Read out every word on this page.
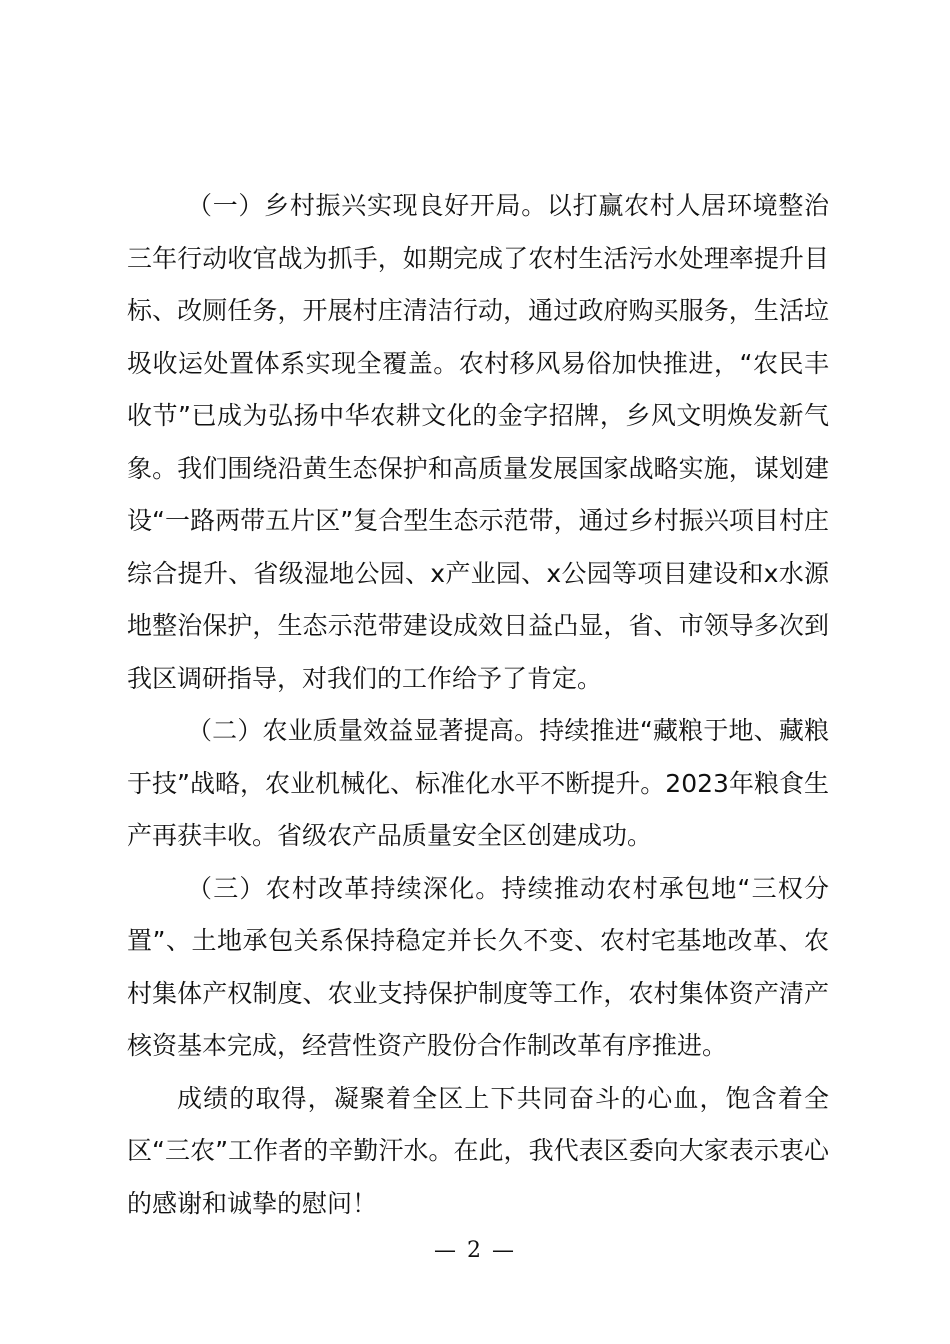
（一）乡村振兴实现良好开局。以打赢农村人居环境整治三年行动收官战为抓手，如期完成了农村生活污水处理率提升目标、改厕任务，开展村庄清洁行动，通过政府购买服务，生活垃圾收运处置体系实现全覆盖。农村移风易俗加快推进，“农民丰收节”已成为弘扬中华农耕文化的金字招牌，乡风文明焕发新气象。我们围绕沿黄生态保护和高质量发展国家战略实施，谋划建设“一路两带五片区”复合型生态示范带，通过乡村振兴项目村庄综合提升、省级湿地公园、x产业园、x公园等项目建设和x水源地整治保护，生态示范带建设成效日益凸显，省、市领导多次到我区调研指导，对我们的工作给予了肯定。

（二）农业质量效益显著提高。持续推进“藏粮于地、藏粮于技”战略，农业机械化、标准化水平不断提升。2023年粮食生产再获丰收。省级农产品质量安全区创建成功。

（三）农村改革持续深化。持续推动农村承包地“三权分置”、土地承包关系保持稳定并长久不变、农村宅基地改革、农村集体产权制度、农业支持保护制度等工作，农村集体资产清产核资基本完成，经营性资产股份合作制改革有序推进。

成绩的取得，凝聚着全区上下共同奋斗的心血，饱含着全区“三农”工作者的辛勤汗水。在此，我代表区委向大家表示衷心的感谢和诚挚的慰问！

— 2 —
